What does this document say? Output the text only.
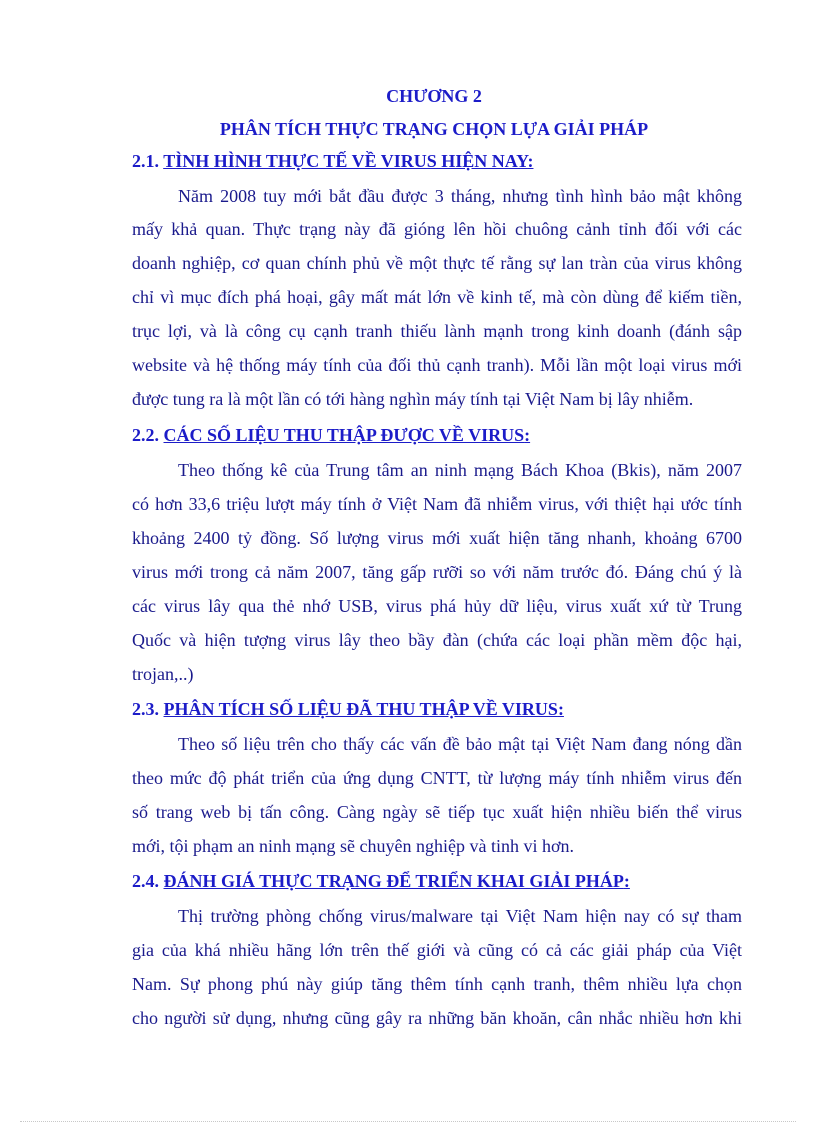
CHƯƠNG 2
PHÂN TÍCH THỰC TRẠNG CHỌN LỰA GIẢI PHÁP
2.1. TÌNH HÌNH THỰC TẾ VỀ VIRUS HIỆN NAY:
Năm 2008 tuy mới bắt đầu được 3 tháng, nhưng tình hình bảo mật không
mấy khả quan. Thực trạng này đã gióng lên hồi chuông cảnh tỉnh đối với các
doanh nghiệp, cơ quan chính phủ về một thực tế rằng sự lan tràn của virus không
chỉ vì mục đích phá hoại, gây mất mát lớn về kinh tế, mà còn dùng để kiếm tiền,
trục lợi, và là công cụ cạnh tranh thiếu lành mạnh trong kinh doanh (đánh sập
website và hệ thống máy tính của đối thủ cạnh tranh). Mỗi lần một loại virus mới
được tung ra là một lần có tới hàng nghìn máy tính tại Việt Nam bị lây nhiễm.
2.2. CÁC SỐ LIỆU THU THẬP ĐƯỢC VỀ VIRUS:
Theo thống kê của Trung tâm an ninh mạng Bách Khoa (Bkis), năm 2007
có hơn 33,6 triệu lượt máy tính ở Việt Nam đã nhiễm virus, với thiệt hại ước tính
khoảng 2400 tỷ đồng. Số lượng virus mới xuất hiện tăng nhanh, khoảng 6700
virus mới trong cả năm 2007, tăng gấp rưỡi so với năm trước đó. Đáng chú ý là
các virus lây qua thẻ nhớ USB, virus phá hủy dữ liệu, virus xuất xứ từ Trung
Quốc và hiện tượng virus lây theo bầy đàn (chứa các loại phần mềm độc hại,
trojan,..)
2.3. PHÂN TÍCH SỐ LIỆU ĐÃ THU THẬP VỀ VIRUS:
Theo số liệu trên cho thấy các vấn đề bảo mật tại Việt Nam đang nóng dần
theo mức độ phát triển của ứng dụng CNTT, từ lượng máy tính nhiễm virus đến
số trang web bị tấn công. Càng ngày sẽ tiếp tục xuất hiện nhiều biến thể virus
mới, tội phạm an ninh mạng sẽ chuyên nghiệp và tinh vi hơn.
2.4. ĐÁNH GIÁ THỰC TRẠNG ĐỂ TRIỂN KHAI GIẢI PHÁP:
Thị trường phòng chống virus/malware tại Việt Nam hiện nay có sự tham
gia của khá nhiều hãng lớn trên thế giới và cũng có cả các giải pháp của Việt
Nam. Sự phong phú này giúp tăng thêm tính cạnh tranh, thêm nhiều lựa chọn
cho người sử dụng, nhưng cũng gây ra những băn khoăn, cân nhắc nhiều hơn khi
